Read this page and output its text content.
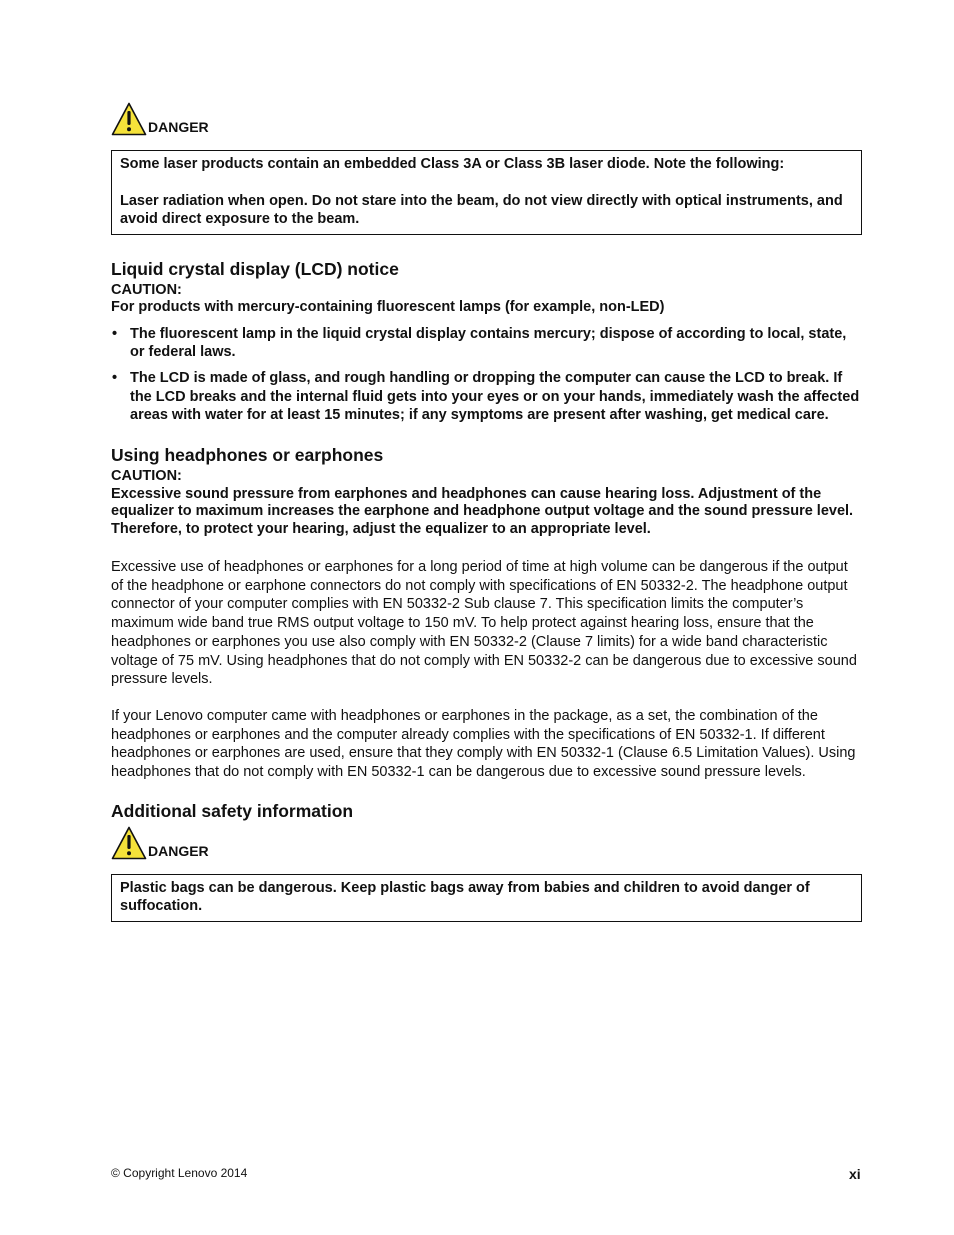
DANGER

Some laser products contain an embedded Class 3A or Class 3B laser diode. Note the following:

Laser radiation when open. Do not stare into the beam, do not view directly with optical instruments, and avoid direct exposure to the beam.

Liquid crystal display (LCD) notice

CAUTION:

For products with mercury-containing fluorescent lamps (for example, non-LED)

• The fluorescent lamp in the liquid crystal display contains mercury; dispose of according to local, state, or federal laws.
• The LCD is made of glass, and rough handling or dropping the computer can cause the LCD to break. If the LCD breaks and the internal fluid gets into your eyes or on your hands, immediately wash the affected areas with water for at least 15 minutes; if any symptoms are present after washing, get medical care.
Using headphones or earphones

CAUTION:

Excessive sound pressure from earphones and headphones can cause hearing loss. Adjustment of the equalizer to maximum increases the earphone and headphone output voltage and the sound pressure level. Therefore, to protect your hearing, adjust the equalizer to an appropriate level.

Excessive use of headphones or earphones for a long period of time at high volume can be dangerous if the output of the headphone or earphone connectors do not comply with specifications of EN 50332-2. The headphone output connector of your computer complies with EN 50332-2 Sub clause 7. This specification limits the computer’s maximum wide band true RMS output voltage to 150 mV. To help protect against hearing loss, ensure that the headphones or earphones you use also comply with EN 50332-2 (Clause 7 limits) for a wide band characteristic voltage of 75 mV. Using headphones that do not comply with EN 50332-2 can be dangerous due to excessive sound pressure levels.

If your Lenovo computer came with headphones or earphones in the package, as a set, the combination of the headphones or earphones and the computer already complies with the specifications of EN 50332-1. If different headphones or earphones are used, ensure that they comply with EN 50332-1 (Clause 6.5 Limitation Values). Using headphones that do not comply with EN 50332-1 can be dangerous due to excessive sound pressure levels.

Additional safety information
DANGER

Plastic bags can be dangerous. Keep plastic bags away from babies and children to avoid danger of suffocation.

© Copyright Lenovo 2014	xi
